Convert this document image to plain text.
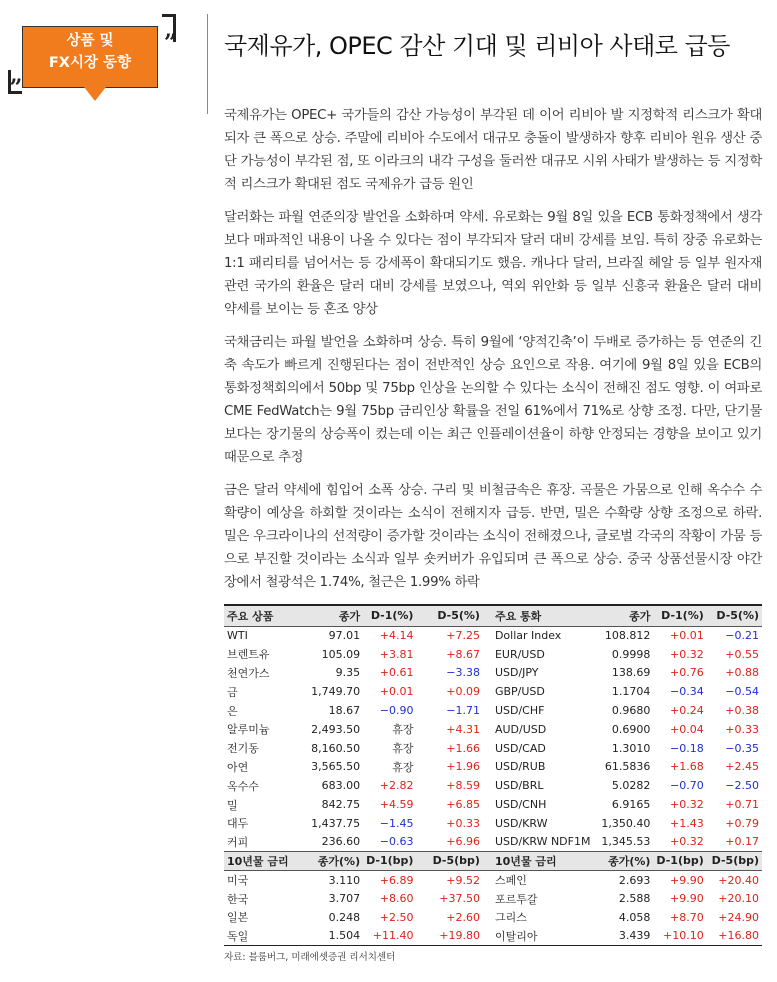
상품 및
FX시장 동향
”
„
국제유가, OPEC 감산 기대 및 리비아 사태로 급등

국제유가는 OPEC+ 국가들의 감산 가능성이 부각된 데 이어 리비아 발 지정학적 리스크가 확대되자 큰 폭으로 상승. 주말에 리비아 수도에서 대규모 충돌이 발생하자 향후 리비아 원유 생산 중단 가능성이 부각된 점, 또 이라크의 내각 구성을 둘러싼 대규모 시위 사태가 발생하는 등 지정학적 리스크가 확대된 점도 국제유가 급등 원인

달러화는 파월 연준의장 발언을 소화하며 약세. 유로화는 9월 8일 있을 ECB 통화정책에서 생각보다 매파적인 내용이 나올 수 있다는 점이 부각되자 달러 대비 강세를 보임. 특히 장중 유로화는 1:1 패리티를 넘어서는 등 강세폭이 확대되기도 했음. 캐나다 달러, 브라질 헤알 등 일부 원자재 관련 국가의 환율은 달러 대비 강세를 보였으나, 역외 위안화 등 일부 신흥국 환율은 달러 대비 약세를 보이는 등 혼조 양상

국채금리는 파월 발언을 소화하며 상승. 특히 9월에 ‘양적긴축’이 두배로 증가하는 등 연준의 긴축 속도가 빠르게 진행된다는 점이 전반적인 상승 요인으로 작용. 여기에 9월 8일 있을 ECB의 통화정책회의에서 50bp 및 75bp 인상을 논의할 수 있다는 소식이 전해진 점도 영향. 이 여파로 CME FedWatch는 9월 75bp 금리인상 확률을 전일 61%에서 71%로 상향 조정. 다만, 단기물 보다는 장기물의 상승폭이 컸는데 이는 최근 인플레이션율이 하향 안정되는 경향을 보이고 있기 때문으로 추정

금은 달러 약세에 힘입어 소폭 상승. 구리 및 비철금속은 휴장. 곡물은 가뭄으로 인해 옥수수 수확량이 예상을 하회할 것이라는 소식이 전해지자 급등. 반면, 밀은 수확량 상향 조정으로 하락. 밀은 우크라이나의 선적량이 증가할 것이라는 소식이 전해졌으나, 글로벌 각국의 작황이 가뭄 등으로 부진할 것이라는 소식과 일부 숏커버가 유입되며 큰 폭으로 상승. 중국 상품선물시장 야간장에서 철광석은 1.74%, 철근은 1.99% 하락

주요 상품	종가	D-1(%)	D-5(%)	주요 통화	종가	D-1(%)	D-5(%)
WTI	97.01	+4.14	+7.25	Dollar Index	108.812	+0.01	−0.21
브렌트유	105.09	+3.81	+8.67	EUR/USD	0.9998	+0.32	+0.55
천연가스	9.35	+0.61	−3.38	USD/JPY	138.69	+0.76	+0.88
금	1,749.70	+0.01	+0.09	GBP/USD	1.1704	−0.34	−0.54
은	18.67	−0.90	−1.71	USD/CHF	0.9680	+0.24	+0.38
알루미늄	2,493.50	휴장	+4.31	AUD/USD	0.6900	+0.04	+0.33
전기동	8,160.50	휴장	+1.66	USD/CAD	1.3010	−0.18	−0.35
아연	3,565.50	휴장	+1.96	USD/RUB	61.5836	+1.68	+2.45
옥수수	683.00	+2.82	+8.59	USD/BRL	5.0282	−0.70	−2.50
밀	842.75	+4.59	+6.85	USD/CNH	6.9165	+0.32	+0.71
대두	1,437.75	−1.45	+0.33	USD/KRW	1,350.40	+1.43	+0.79
커피	236.60	−0.63	+6.96	USD/KRW NDF1M	1,345.53	+0.32	+0.17
10년물 금리	종가(%)	D-1(bp)	D-5(bp)	10년물 금리	종가(%)	D-1(bp)	D-5(bp)
미국	3.110	+6.89	+9.52	스페인	2.693	+9.90	+20.40
한국	3.707	+8.60	+37.50	포르투갈	2.588	+9.90	+20.10
일본	0.248	+2.50	+2.60	그리스	4.058	+8.70	+24.90
독일	1.504	+11.40	+19.80	이탈리아	3.439	+10.10	+16.80
자료: 블룸버그, 미래에셋증권 리서치센터
